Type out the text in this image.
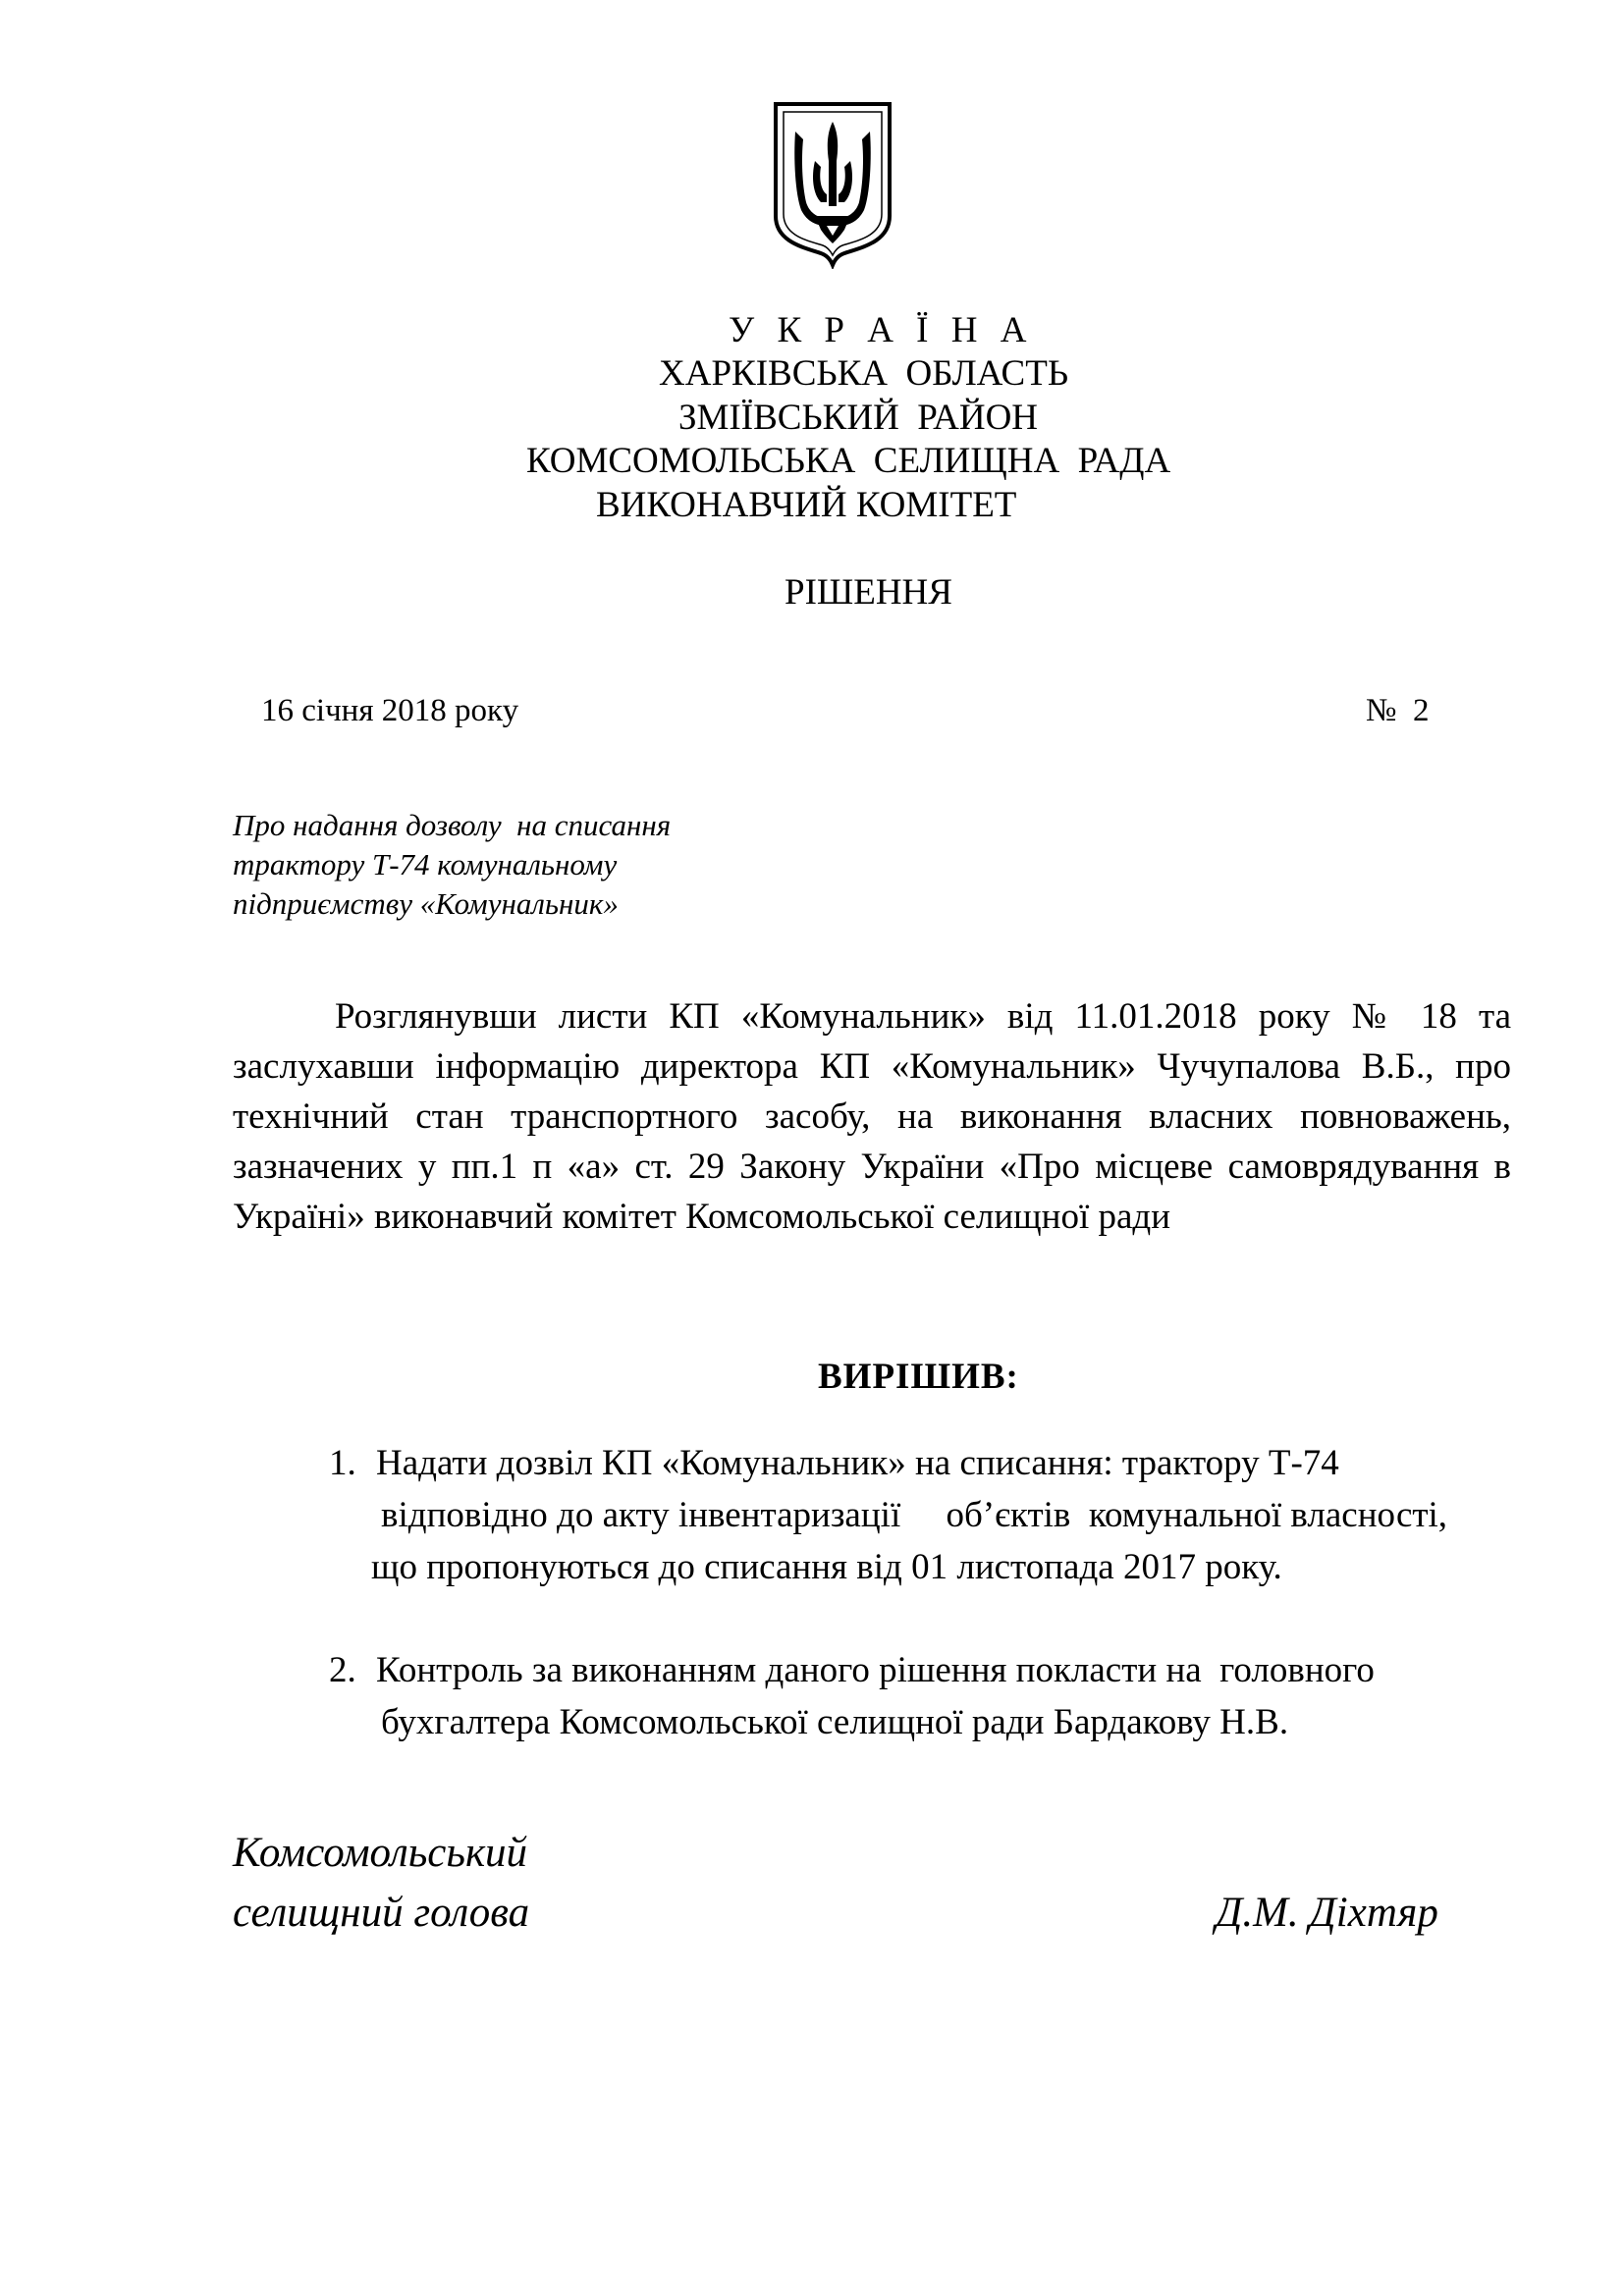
У К Р А Ї Н А
ХАРКІВСЬКА  ОБЛАСТЬ
ЗМІЇВСЬКИЙ  РАЙОН
КОМСОМОЛЬСЬКА  СЕЛИЩНА  РАДА
ВИКОНАВЧИЙ КОМІТЕТ
РІШЕННЯ
16 січня 2018 року	№  2
Про надання дозволу  на списання
трактору Т-74 комунальному
підприємству «Комунальник»

Розглянувши листи КП «Комунальник» від 11.01.2018 року № 18 та заслухавши інформацію директора КП «Комунальник» Чучупалова В.Б., про технічний стан транспортного засобу, на виконання власних повноважень, зазначених у пп.1 п «а» ст. 29 Закону України «Про місцеве самоврядування в Україні» виконавчий комітет Комсомольської селищної ради

ВИРІШИВ:
1. Надати дозвіл КП «Комунальник» на списання: трактору Т-74
відповідно до акту інвентаризації     об’єктів  комунальної власності,
що пропонуються до списання від 01 листопада 2017 року.
2. Контроль за виконанням даного рішення покласти на  головного
бухгалтера Комсомольської селищної ради Бардакову Н.В.
Комсомольський
селищний голова	Д.М. Діхтяр
